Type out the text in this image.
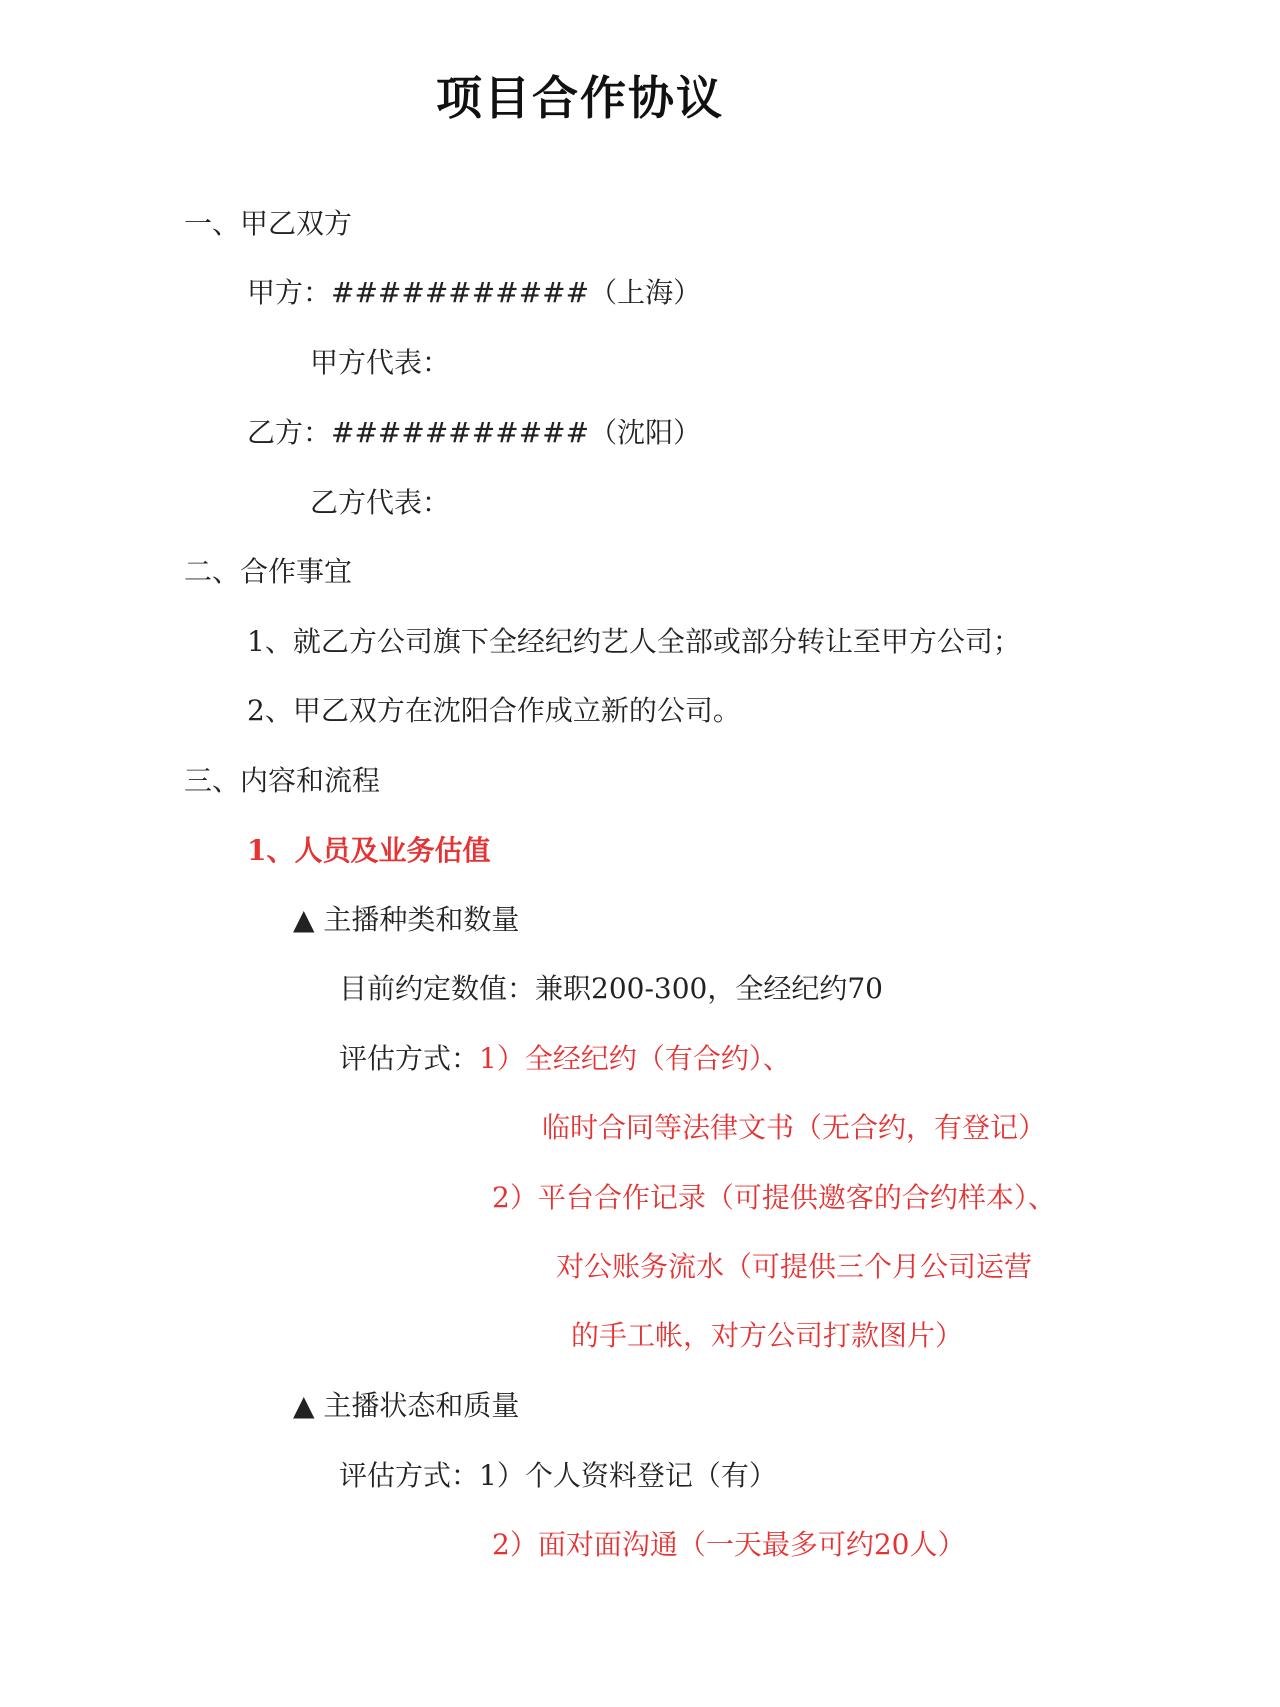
项目合作协议
一、甲乙双方
甲方：###########（上海）
甲方代表：
乙方：###########（沈阳）
乙方代表：
二、合作事宜
1、就乙方公司旗下全经纪约艺人全部或部分转让至甲方公司；
2、甲乙双方在沈阳合作成立新的公司。
三、内容和流程
1、人员及业务估值
▲ 主播种类和数量
目前约定数值：兼职200-300，全经纪约70
评估方式：1）全经纪约（有合约）、
临时合同等法律文书（无合约，有登记）
2）平台合作记录（可提供邀客的合约样本）、
对公账务流水（可提供三个月公司运营
的手工帐，对方公司打款图片）
▲ 主播状态和质量
评估方式：1）个人资料登记（有）
2）面对面沟通（一天最多可约20人）
